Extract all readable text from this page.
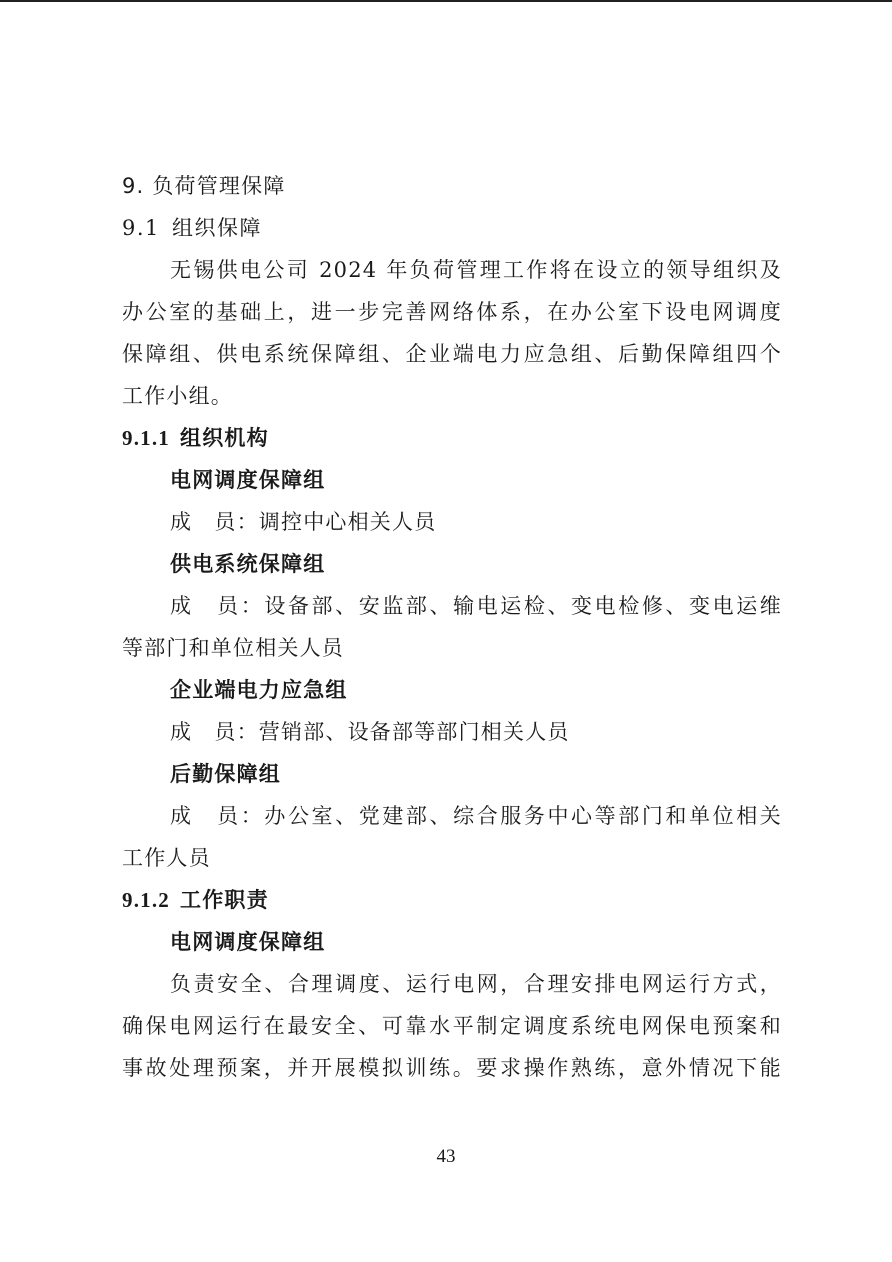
9. 负荷管理保障
9.1 组织保障
无锡供电公司 2024 年负荷管理工作将在设立的领导组织及
办公室的基础上，进一步完善网络体系，在办公室下设电网调度
保障组、供电系统保障组、企业端电力应急组、后勤保障组四个
工作小组。
9.1.1 组织机构
电网调度保障组
成　员：调控中心相关人员
供电系统保障组
成　员：设备部、安监部、输电运检、变电检修、变电运维
等部门和单位相关人员
企业端电力应急组
成　员：营销部、设备部等部门相关人员
后勤保障组
成　员：办公室、党建部、综合服务中心等部门和单位相关
工作人员
9.1.2 工作职责
电网调度保障组
负责安全、合理调度、运行电网，合理安排电网运行方式，
确保电网运行在最安全、可靠水平制定调度系统电网保电预案和
事故处理预案，并开展模拟训练。要求操作熟练，意外情况下能
43
